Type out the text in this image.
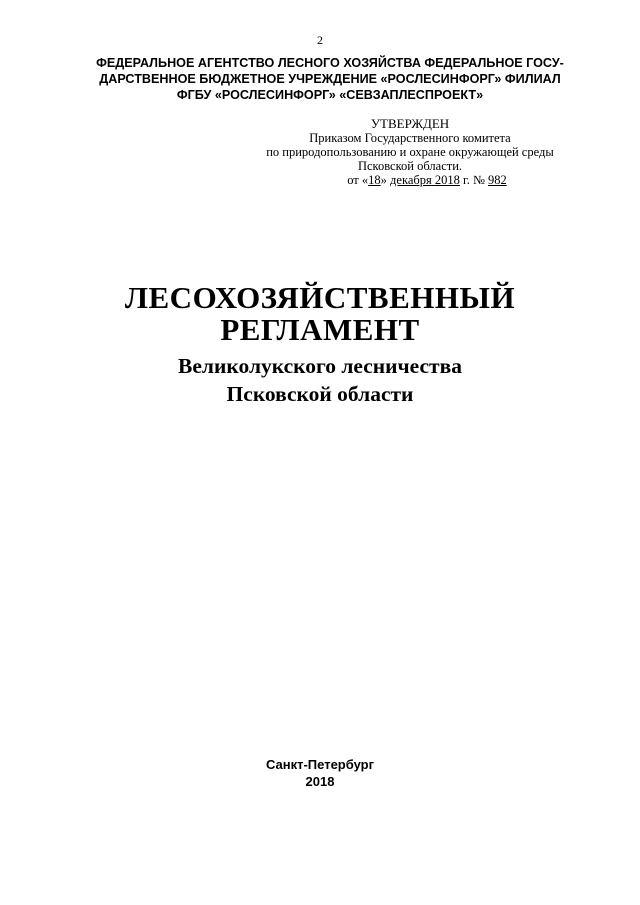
2
ФЕДЕРАЛЬНОЕ АГЕНТСТВО ЛЕСНОГО ХОЗЯЙСТВА ФЕДЕРАЛЬНОЕ ГОСУ-
ДАРСТВЕННОЕ БЮДЖЕТНОЕ УЧРЕЖДЕНИЕ «РОСЛЕСИНФОРГ» ФИЛИАЛ
ФГБУ «РОСЛЕСИНФОРГ» «СЕВЗАПЛЕСПРОЕКТ»
УТВЕРЖДЕН
Приказом Государственного комитета
по природопользованию и охране окружающей среды
Псковской области.
от «18» декабря 2018 г. № 982
ЛЕСОХОЗЯЙСТВЕННЫЙ
РЕГЛАМЕНТ
Великолукского лесничества
Псковской области
Санкт-Петербург
2018
